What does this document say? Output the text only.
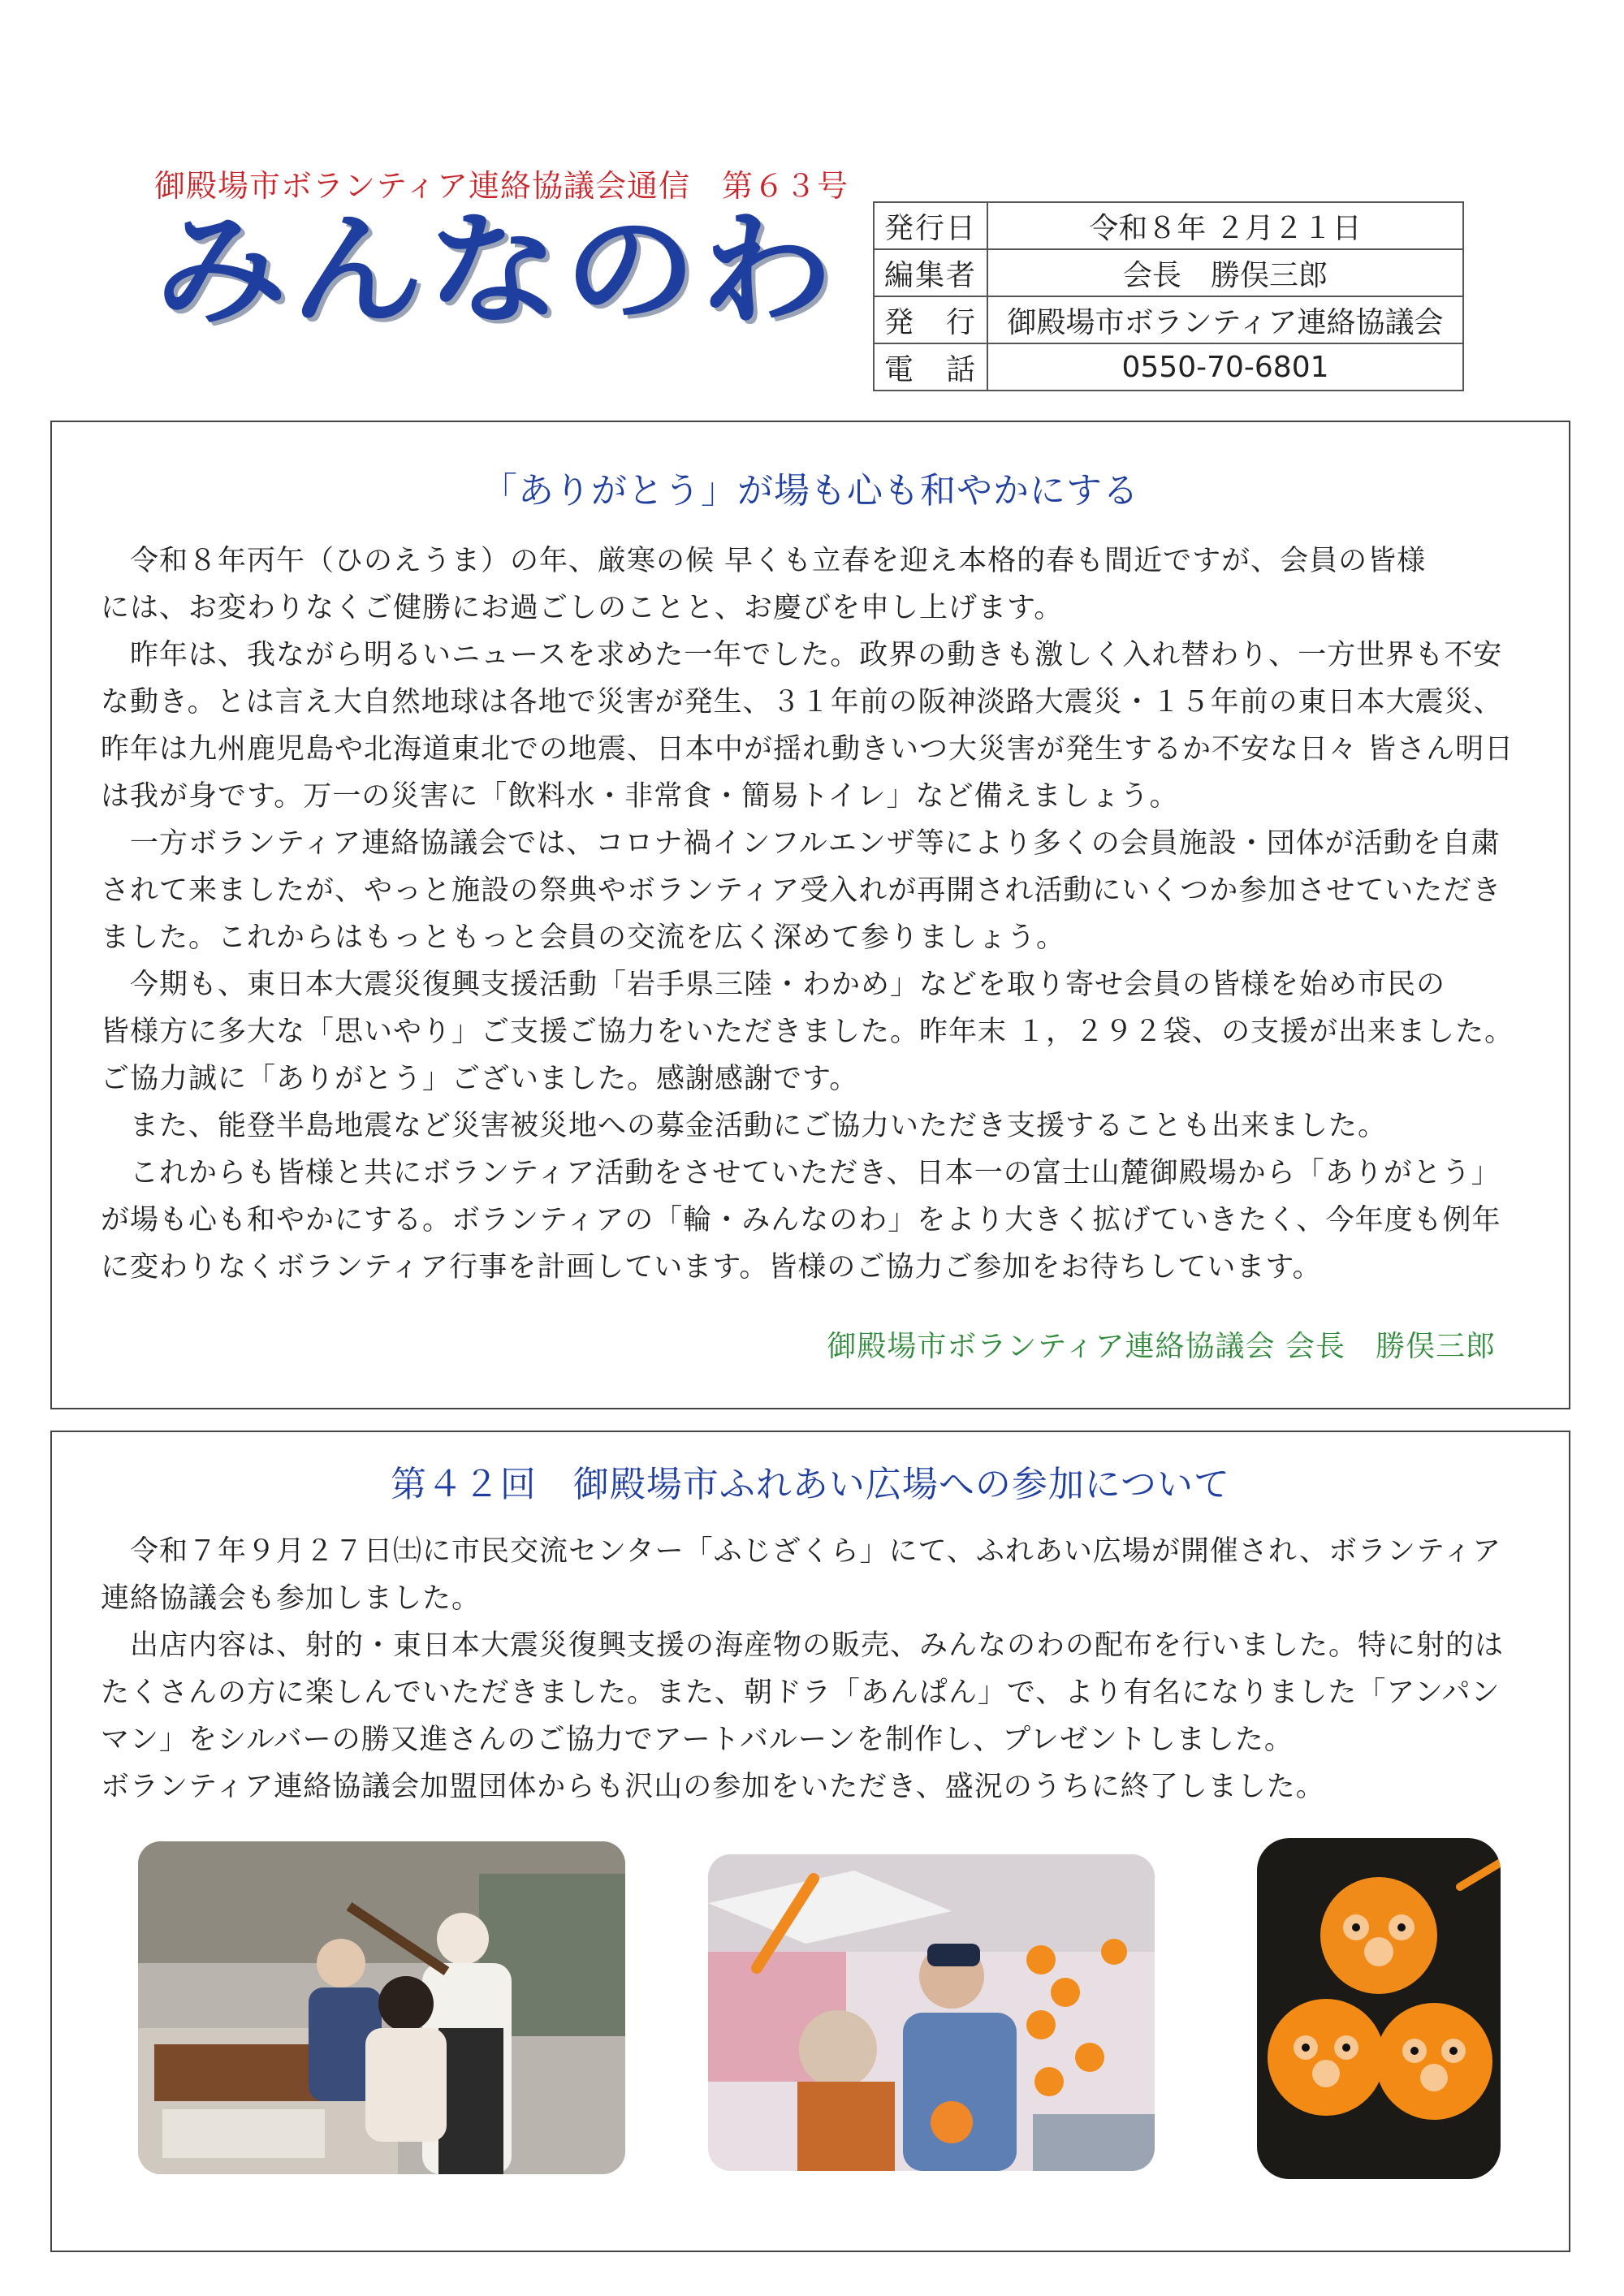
御殿場市ボランティア連絡協議会通信　第６３号
みんなのわ 発行日	令和８年 ２月２１日
編集者	会長　勝俣三郎
発　行	御殿場市ボランティア連絡協議会
電　話	0550-70-6801
「ありがとう」が場も心も和やかにする

　令和８年丙午（ひのえうま）の年、厳寒の候 早くも立春を迎え本格的春も間近ですが、会員の皆様

には、お変わりなくご健勝にお過ごしのことと、お慶びを申し上げます。

　昨年は、我ながら明るいニュースを求めた一年でした。政界の動きも激しく入れ替わり、一方世界も不安

な動き。とは言え大自然地球は各地で災害が発生、３１年前の阪神淡路大震災・１５年前の東日本大震災、

昨年は九州鹿児島や北海道東北での地震、日本中が揺れ動きいつ大災害が発生するか不安な日々 皆さん明日

は我が身です。万一の災害に「飲料水・非常食・簡易トイレ」など備えましょう。

　一方ボランティア連絡協議会では、コロナ禍インフルエンザ等により多くの会員施設・団体が活動を自粛

されて来ましたが、やっと施設の祭典やボランティア受入れが再開され活動にいくつか参加させていただき

ました。これからはもっともっと会員の交流を広く深めて参りましょう。

　今期も、東日本大震災復興支援活動「岩手県三陸・わかめ」などを取り寄せ会員の皆様を始め市民の

皆様方に多大な「思いやり」ご支援ご協力をいただきました。昨年末 １，２９２袋、の支援が出来ました。

ご協力誠に「ありがとう」ございました。感謝感謝です。

　また、能登半島地震など災害被災地への募金活動にご協力いただき支援することも出来ました。

　これからも皆様と共にボランティア活動をさせていただき、日本一の富士山麓御殿場から「ありがとう」

が場も心も和やかにする。ボランティアの「輪・みんなのわ」をより大きく拡げていきたく、今年度も例年

に変わりなくボランティア行事を計画しています。皆様のご協力ご参加をお待ちしています。

御殿場市ボランティア連絡協議会 会長　勝俣三郎
第４２回　御殿場市ふれあい広場への参加について

　令和７年９月２７日㈯に市民交流センター「ふじざくら」にて、ふれあい広場が開催され、ボランティア

連絡協議会も参加しました。

　出店内容は、射的・東日本大震災復興支援の海産物の販売、みんなのわの配布を行いました。特に射的は

たくさんの方に楽しんでいただきました。また、朝ドラ「あんぱん」で、より有名になりました「アンパン

マン」をシルバーの勝又進さんのご協力でアートバルーンを制作し、プレゼントしました。

ボランティア連絡協議会加盟団体からも沢山の参加をいただき、盛況のうちに終了しました。
